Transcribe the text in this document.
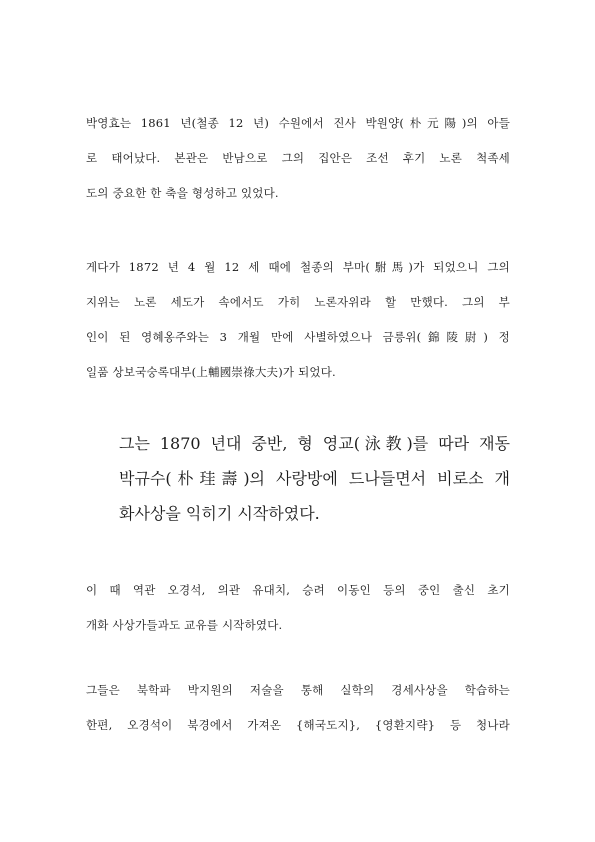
박영효는 1861 년(철종 12 년) 수원에서 진사 박원양(朴元陽)의 아들
로 태어났다. 본관은 반남으로 그의 집안은 조선 후기 노론 척족세
도의 중요한 한 축을 형성하고 있었다.
게다가 1872 년 4 월 12 세 때에 철종의 부마(駙馬)가 되었으니 그의
지위는 노론 세도가 속에서도 가히 노론자위라 할 만했다. 그의 부
인이 된 영혜옹주와는 3 개월 만에 사별하였으나 금릉위(錦陵尉) 정
일품 상보국숭록대부(上輔國崇祿大夫)가 되었다.
그는 1870 년대 중반, 형 영교(泳教)를 따라 재동
박규수(朴珪壽)의 사랑방에 드나들면서 비로소 개
화사상을 익히기 시작하였다.
이 때 역관 오경석, 의관 유대치, 승려 이동인 등의 중인 출신 초기
개화 사상가들과도 교유를 시작하였다.
그들은 북학파 박지원의 저술을 통해 실학의 경세사상을 학습하는
한편, 오경석이 북경에서 가져온 {해국도지}, {영환지략} 등 청나라
